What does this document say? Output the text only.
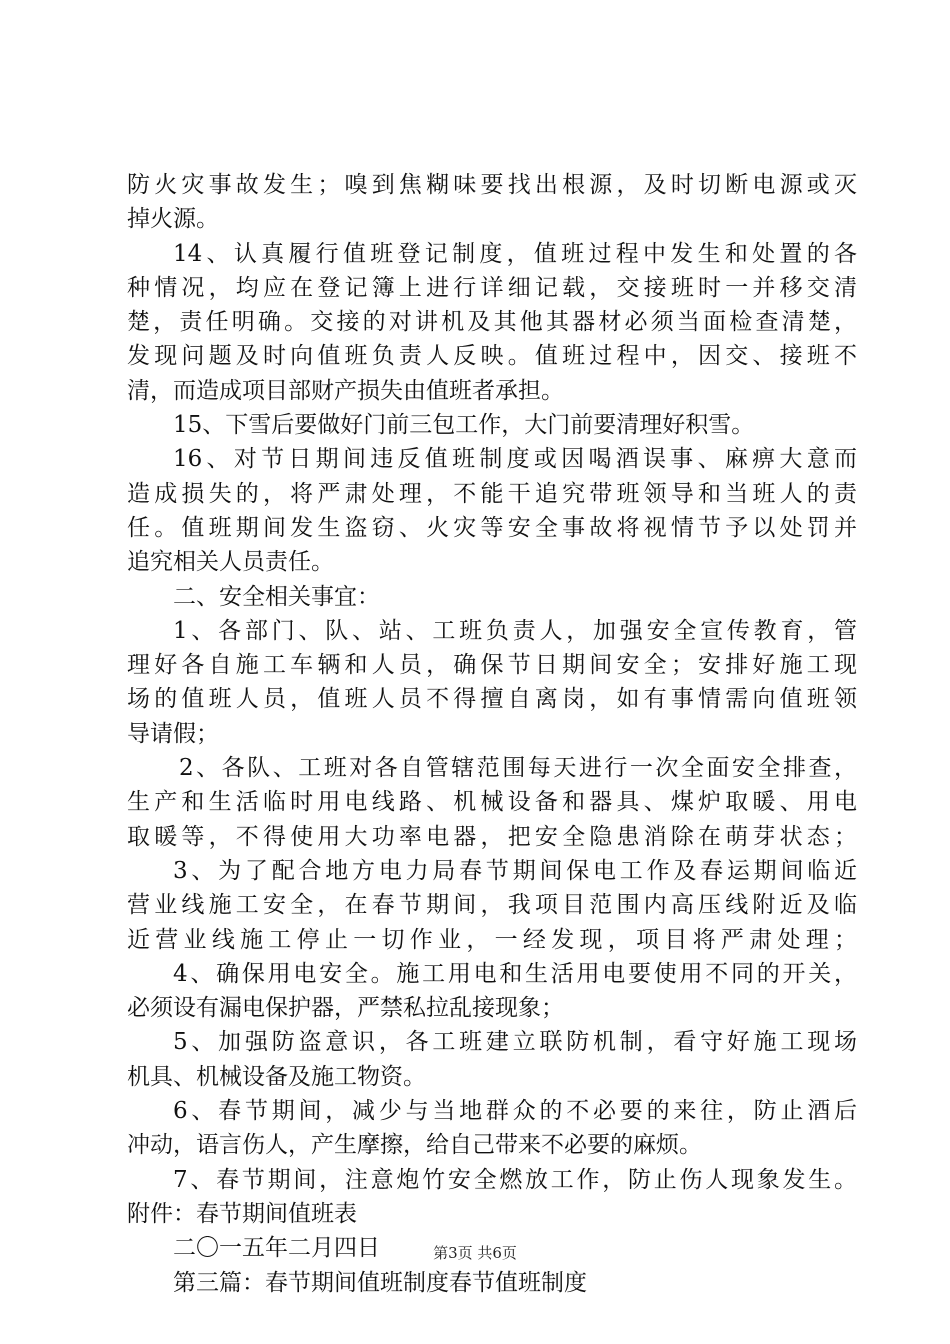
防火灾事故发生；嗅到焦糊味要找出根源，及时切断电源或灭
掉火源。
14、认真履行值班登记制度，值班过程中发生和处置的各
种情况，均应在登记簿上进行详细记载，交接班时一并移交清
楚，责任明确。交接的对讲机及其他其器材必须当面检查清楚，
发现问题及时向值班负责人反映。值班过程中，因交、接班不
清，而造成项目部财产损失由值班者承担。
15、下雪后要做好门前三包工作，大门前要清理好积雪。
16、对节日期间违反值班制度或因喝酒误事、麻痹大意而
造成损失的，将严肃处理，不能干追究带班领导和当班人的责
任。值班期间发生盗窃、火灾等安全事故将视情节予以处罚并
追究相关人员责任。
二、安全相关事宜：
1、各部门、队、站、工班负责人，加强安全宣传教育，管
理好各自施工车辆和人员，确保节日期间安全；安排好施工现
场的值班人员，值班人员不得擅自离岗，如有事情需向值班领
导请假；
2、各队、工班对各自管辖范围每天进行一次全面安全排查，
生产和生活临时用电线路、机械设备和器具、煤炉取暖、用电
取暖等，不得使用大功率电器，把安全隐患消除在萌芽状态；
3、为了配合地方电力局春节期间保电工作及春运期间临近
营业线施工安全，在春节期间，我项目范围内高压线附近及临
近营业线施工停止一切作业，一经发现，项目将严肃处理；
4、确保用电安全。施工用电和生活用电要使用不同的开关，
必须设有漏电保护器，严禁私拉乱接现象；
5、加强防盗意识，各工班建立联防机制，看守好施工现场
机具、机械设备及施工物资。
6、春节期间，减少与当地群众的不必要的来往，防止酒后
冲动，语言伤人，产生摩擦，给自己带来不必要的麻烦。
7、春节期间，注意炮竹安全燃放工作，防止伤人现象发生。
附件：春节期间值班表
二〇一五年二月四日
第三篇：春节期间值班制度春节值班制度
第3页 共6页
